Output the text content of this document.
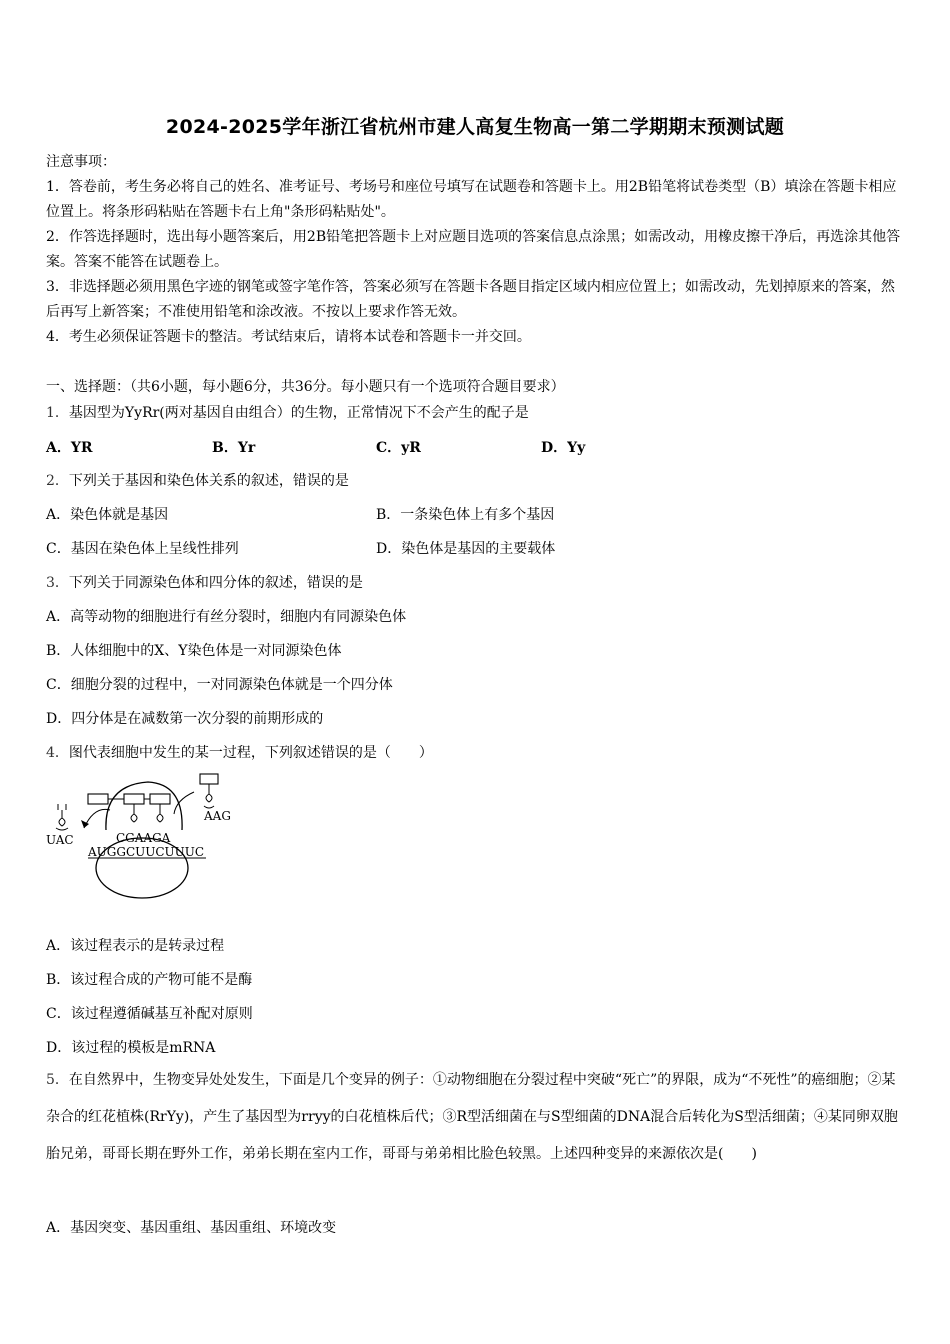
2024-2025学年浙江省杭州市建人高复生物高一第二学期期末预测试题
注意事项：
1．答卷前，考生务必将自己的姓名、准考证号、考场号和座位号填写在试题卷和答题卡上。用2B铅笔将试卷类型（B）填涂在答题卡相应位置上。将条形码粘贴在答题卡右上角"条形码粘贴处"。
2．作答选择题时，选出每小题答案后，用2B铅笔把答题卡上对应题目选项的答案信息点涂黑；如需改动，用橡皮擦干净后，再选涂其他答案。答案不能答在试题卷上。
3．非选择题必须用黑色字迹的钢笔或签字笔作答，答案必须写在答题卡各题目指定区域内相应位置上；如需改动，先划掉原来的答案，然后再写上新答案；不准使用铅笔和涂改液。不按以上要求作答无效。
4．考生必须保证答题卡的整洁。考试结束后，请将本试卷和答题卡一并交回。
一、选择题：（共6小题，每小题6分，共36分。每小题只有一个选项符合题目要求）
1．基因型为YyRr(两对基因自由组合）的生物，正常情况下不会产生的配子是
A．YR	B．Yr	C．yR	D．Yy
2．下列关于基因和染色体关系的叙述，错误的是
A．染色体就是基因	B．一条染色体上有多个基因
C．基因在染色体上呈线性排列	D．染色体是基因的主要载体
3．下列关于同源染色体和四分体的叙述，错误的是
A．高等动物的细胞进行有丝分裂时，细胞内有同源染色体
B．人体细胞中的X、Y染色体是一对同源染色体
C．细胞分裂的过程中，一对同源染色体就是一个四分体
D．四分体是在减数第一次分裂的前期形成的
4．图代表细胞中发生的某一过程，下列叙述错误的是（　　）
AAG
UAC	CGAAGA
AUGGCUUCUUUC
A．该过程表示的是转录过程
B．该过程合成的产物可能不是酶
C．该过程遵循碱基互补配对原则
D．该过程的模板是mRNA
5．在自然界中，生物变异处处发生，下面是几个变异的例子：①动物细胞在分裂过程中突破“死亡”的界限，成为“不死性”的癌细胞；②某杂合的红花植株(RrYy)，产生了基因型为rryy的白花植株后代；③R型活细菌在与S型细菌的DNA混合后转化为S型活细菌；④某同卵双胞胎兄弟，哥哥长期在野外工作，弟弟长期在室内工作，哥哥与弟弟相比脸色较黑。上述四种变异的来源依次是(　　)
A．基因突变、基因重组、基因重组、环境改变
